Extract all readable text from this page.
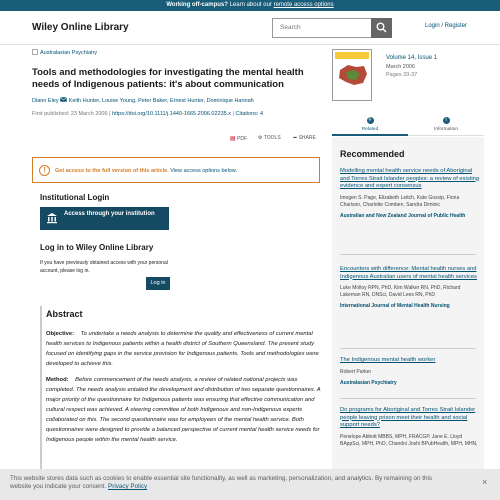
Working off-campus? Learn about our remote access options
Wiley Online Library	Search	Login / Register
Australasian Psychiatry
Tools and methodologies for investigating the mental health needs of Indigenous patients: it's about communication
Diann Eley Keith Hunter, Louise Young, Peter Baker, Ernest Hunter, Dominique Hannah
First published: 23 March 2006 | https://doi.org/10.1111/j.1440-1665.2006.02235.x | Citations: 4
▤ PDF ⚙ TOOLS ➦ SHARE
!	Get access to the full version of this article. View access options below.
Institutional Login
Access through your institution
Log in to Wiley Online Library
If you have previously obtained access with your personal account, please log in.
Log in
Abstract

Objective: To undertake a needs analysis to determine the quality and effectiveness of current mental health services to Indigenous patients within a health district of Southern Queensland. The present study focused on identifying gaps in the service provision for Indigenous patients. Tools and methodologies were developed to achieve this.

Method: Before commencement of the needs analysis, a review of related national projects was completed. The needs analysis entailed the development and distribution of two separate questionnaires. A major priority of the questionnaire for Indigenous patients was ensuring that effective communication and cultural respect was achieved. A steering committee of both Indigenous and non-Indigenous experts collaborated on this. The second questionnaire was for employees of the mental health service. Both questionnaires were designed to provide a balanced perspective of current mental health service needs for Indigenous people within the mental health service.

Volume 14, Issue 1
March 2006
Pages 33-37
⚲
Related
i
Information
Recommended
Modelling mental health service needs of Aboriginal and Torres Strait Islander peoples: a review of existing evidence and expert consensus
Imogen S. Page, Elizabeth Leitch, Kate Gossip, Fiona Charlson, Charlotte Comben, Sandra Diminic
Australian and New Zealand Journal of Public Health
Encounters with difference: Mental health nurses and Indigenous Australian users of mental health services
Luke Molloy RPN, PhD, Kim Walker RN, PhD, Richard Lakeman RN, DNSci, David Lees RN, PhD
International Journal of Mental Health Nursing
The Indigenous mental health worker
Robert Parker
Australasian Psychiatry
Do programs for Aboriginal and Torres Strait Islander people leaving prison meet their health and social support needs?
Penelope Abbott MBBS, MPH, FRACGP, Jane E. Lloyd BAppSci, MPH, PhD, Chandni Joshi BPubHealth, MPH, MHN,
This website stores data such as cookies to enable essential site functionality, as well as marketing, personalization, and analytics. By remaining on this website you indicate your consent. Privacy Policy	×
